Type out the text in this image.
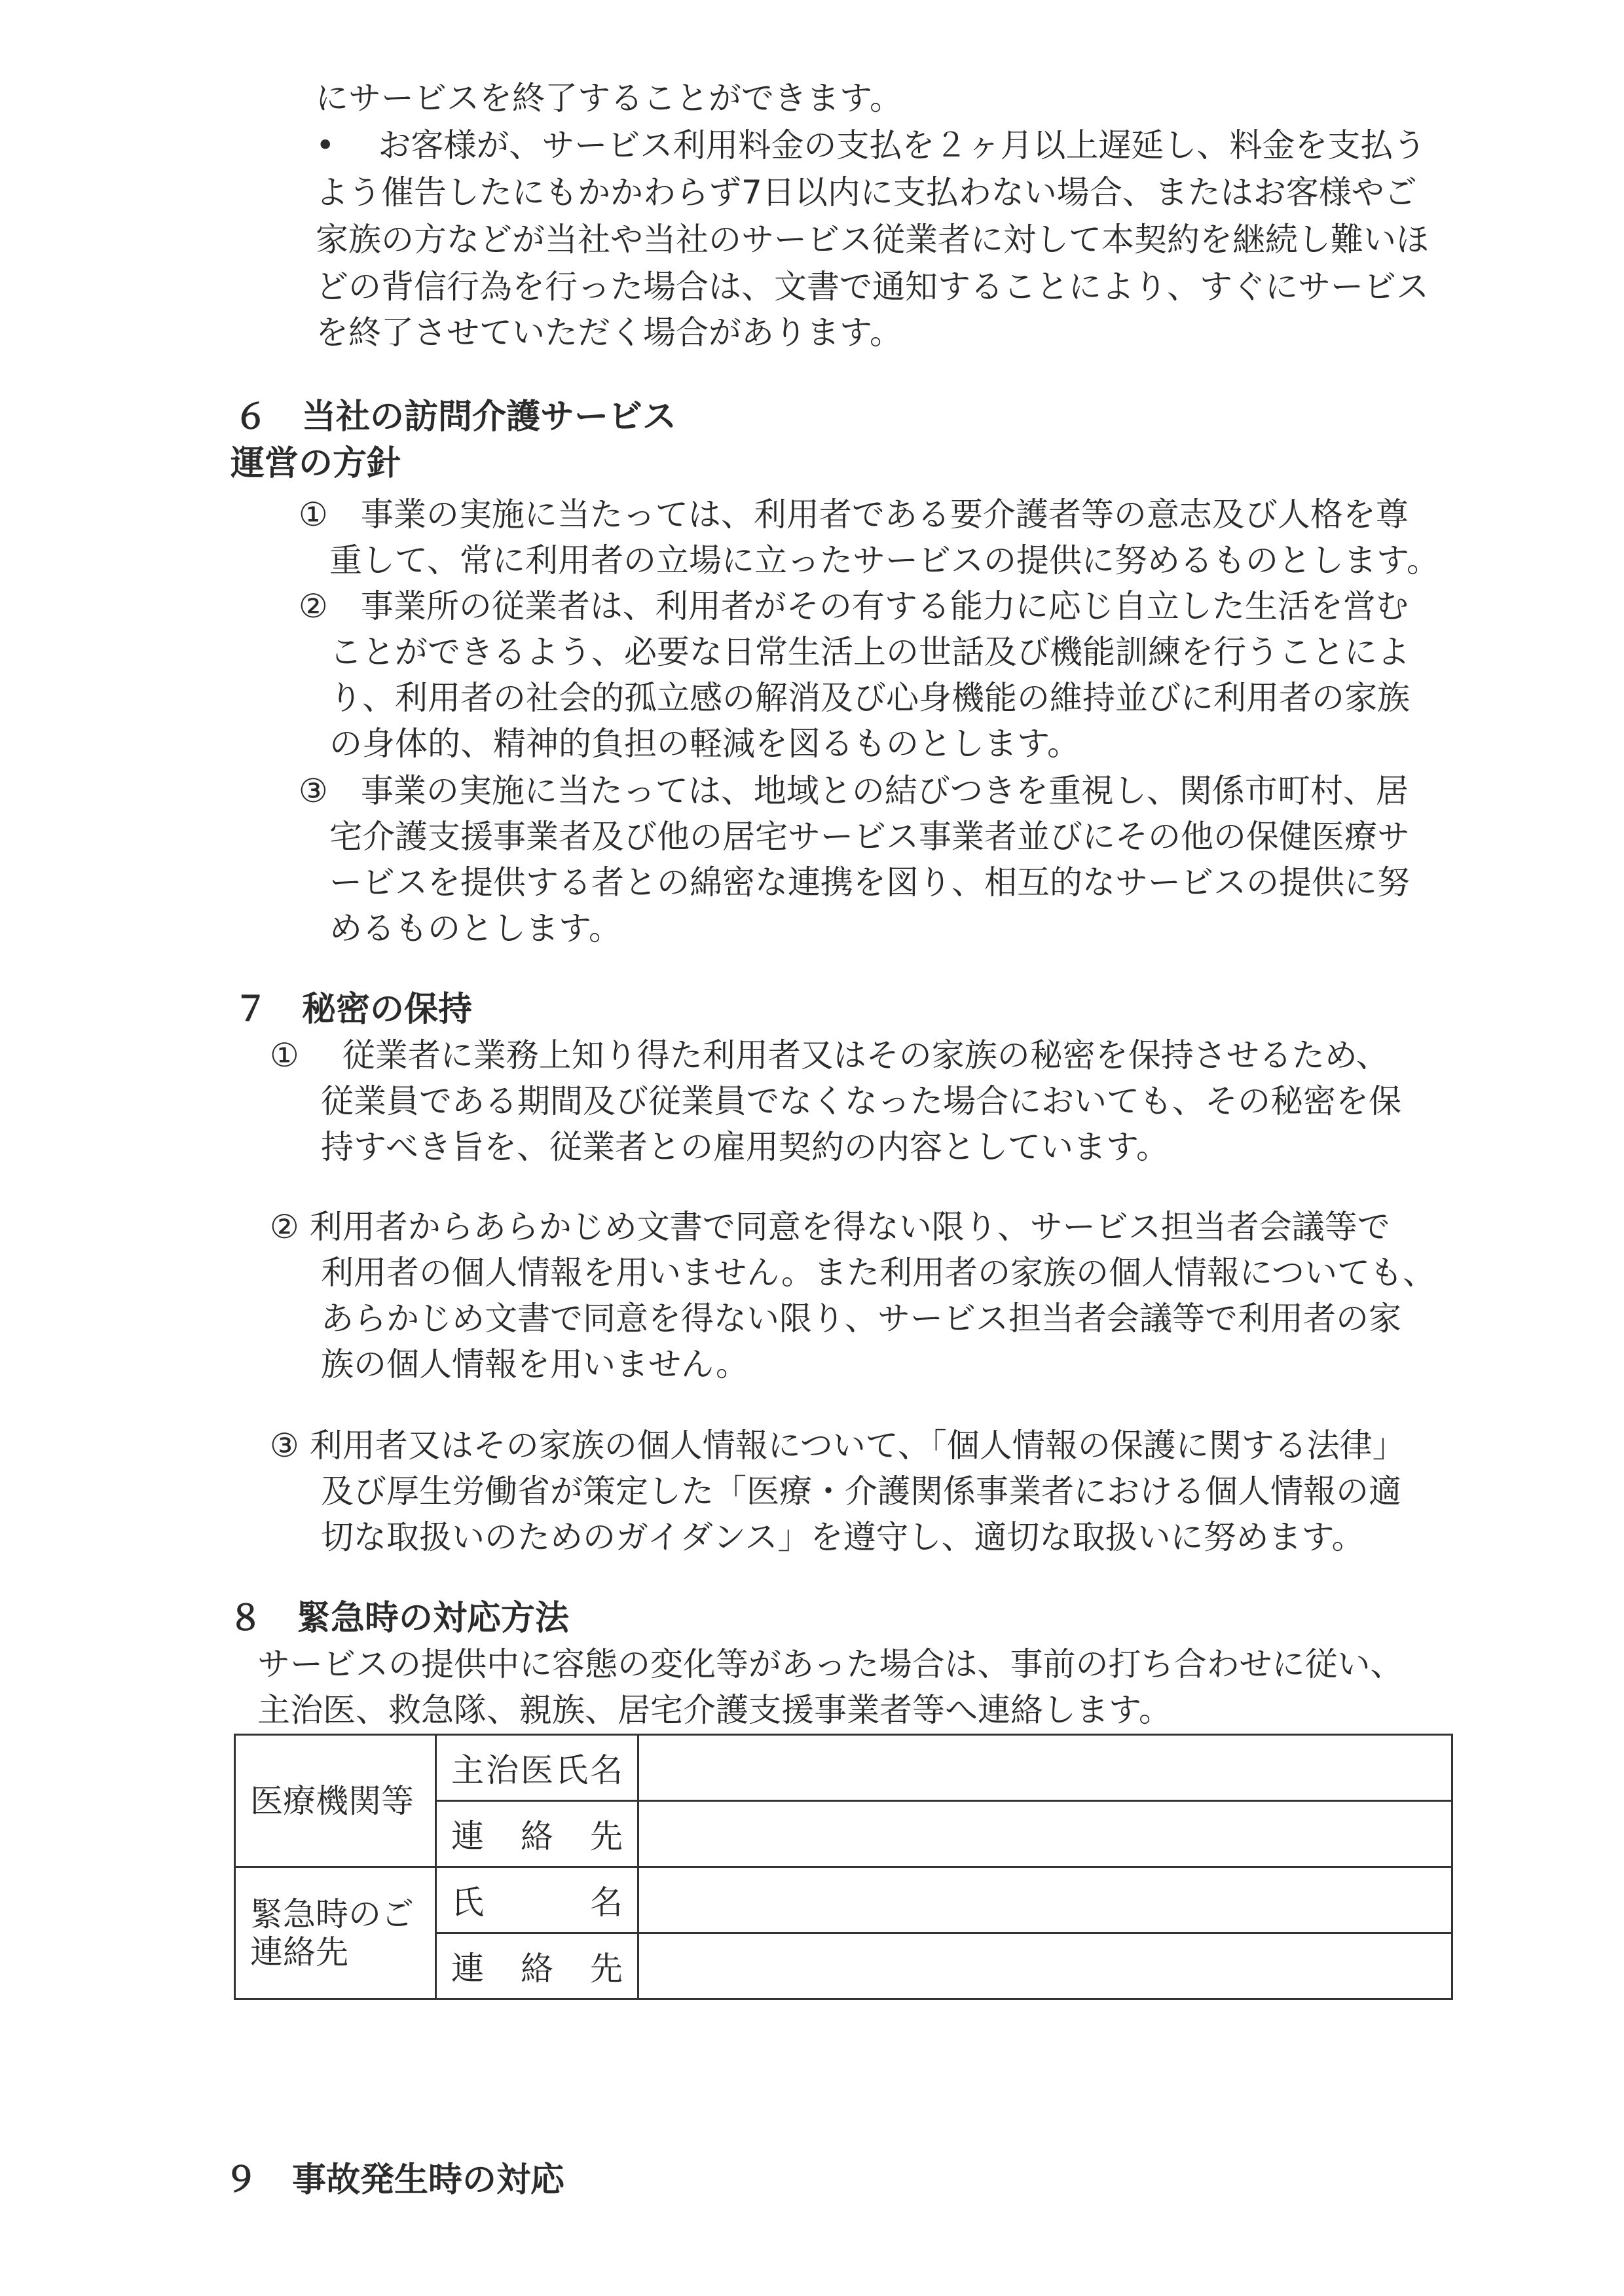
にサービスを終了することができます。

•　 お客様が、サービス利用料金の支払を２ヶ月以上遅延し、料金を支払う

よう催告したにもかかわらず7日以内に支払わない場合、またはお客様やご

家族の方などが当社や当社のサービス従業者に対して本契約を継続し難いほ

どの背信行為を行った場合は、文書で通知することにより、すぐにサービス

を終了させていただく場合があります。

６　当社の訪問介護サービス
運営の方針

①　事業の実施に当たっては、利用者である要介護者等の意志及び人格を尊

重して、常に利用者の立場に立ったサービスの提供に努めるものとします。

②　事業所の従業者は、利用者がその有する能力に応じ自立した生活を営む

ことができるよう、必要な日常生活上の世話及び機能訓練を行うことによ

り、利用者の社会的孤立感の解消及び心身機能の維持並びに利用者の家族

の身体的、精神的負担の軽減を図るものとします。

③　事業の実施に当たっては、地域との結びつきを重視し、関係市町村、居

宅介護支援事業者及び他の居宅サービス事業者並びにその他の保健医療サ

ービスを提供する者との綿密な連携を図り、相互的なサービスの提供に努

めるものとします。

７　秘密の保持

①　 従業者に業務上知り得た利用者又はその家族の秘密を保持させるため、

従業員である期間及び従業員でなくなった場合においても、その秘密を保

持すべき旨を、従業者との雇用契約の内容としています。

② 利用者からあらかじめ文書で同意を得ない限り、サービス担当者会議等で

利用者の個人情報を用いません。また利用者の家族の個人情報についても、

あらかじめ文書で同意を得ない限り、サービス担当者会議等で利用者の家

族の個人情報を用いません。

③ 利用者又はその家族の個人情報について、「個人情報の保護に関する法律」

及び厚生労働省が策定した「医療・介護関係事業者における個人情報の適

切な取扱いのためのガイダンス」を遵守し、適切な取扱いに努めます。

８　緊急時の対応方法

サービスの提供中に容態の変化等があった場合は、事前の打ち合わせに従い、

主治医、救急隊、親族、居宅介護支援事業者等へ連絡します。

医療機関等	主治医氏名	
	連　絡　先	
緊急時のご
連絡先	氏　　名	
	連　絡　先	
９　事故発生時の対応
